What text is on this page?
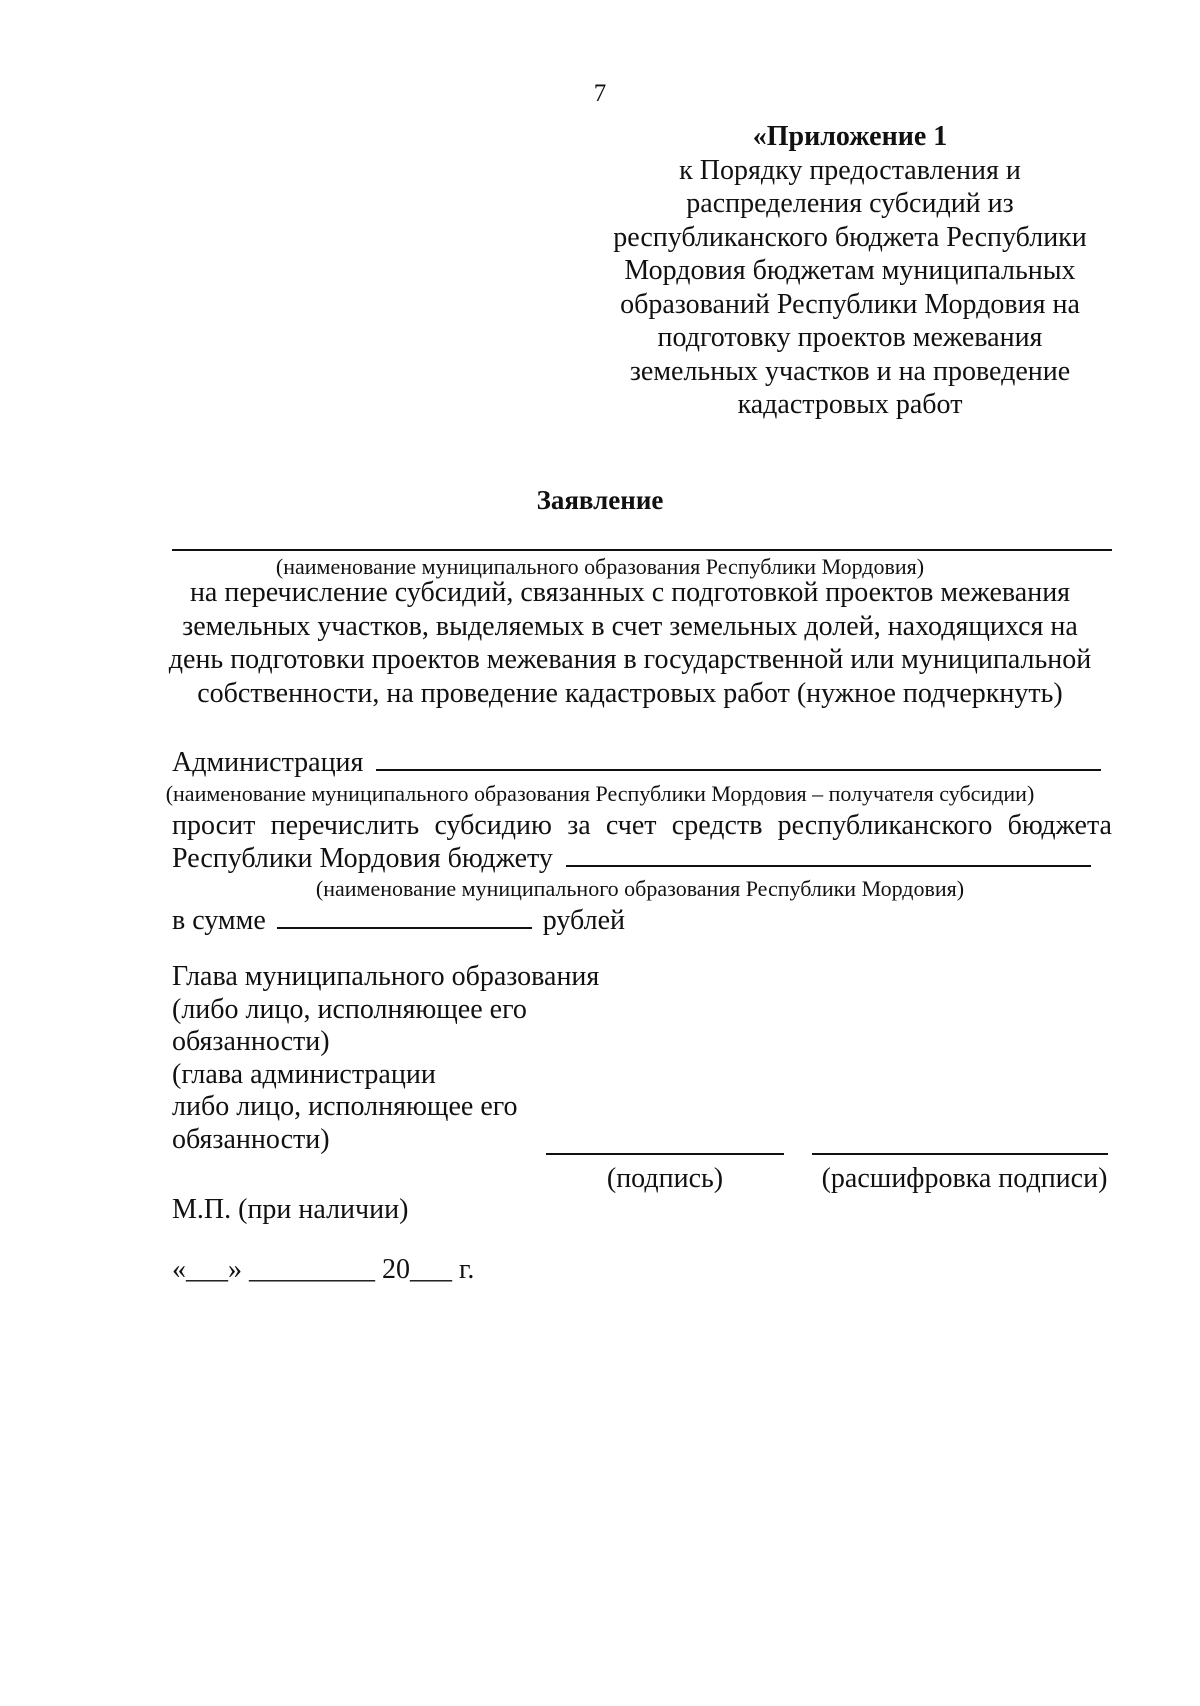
7
«Приложение 1
к Порядку предоставления и
распределения субсидий из
республиканского бюджета Республики
Мордовия бюджетам муниципальных
образований Республики Мордовия на
подготовку проектов межевания
земельных участков и на проведение
кадастровых работ
Заявление
(наименование муниципального образования Республики Мордовия)
на перечисление субсидий, связанных с подготовкой проектов межевания
земельных участков, выделяемых в счет земельных долей, находящихся на
день подготовки проектов межевания в государственной или муниципальной
собственности, на проведение кадастровых работ (нужное подчеркнуть)
Администрация
(наименование муниципального образования Республики Мордовия – получателя субсидии)
просит перечислить субсидию за счет средств республиканского бюджета
Республики Мордовия бюджету
(наименование муниципального образования Республики Мордовия)
в сумме	рублей
Глава муниципального образования
(либо лицо, исполняющее его
обязанности)
(глава администрации
либо лицо, исполняющее его
обязанности)
(подпись)	(расшифровка подписи)
М.П. (при наличии)
«___» _________ 20___ г.
